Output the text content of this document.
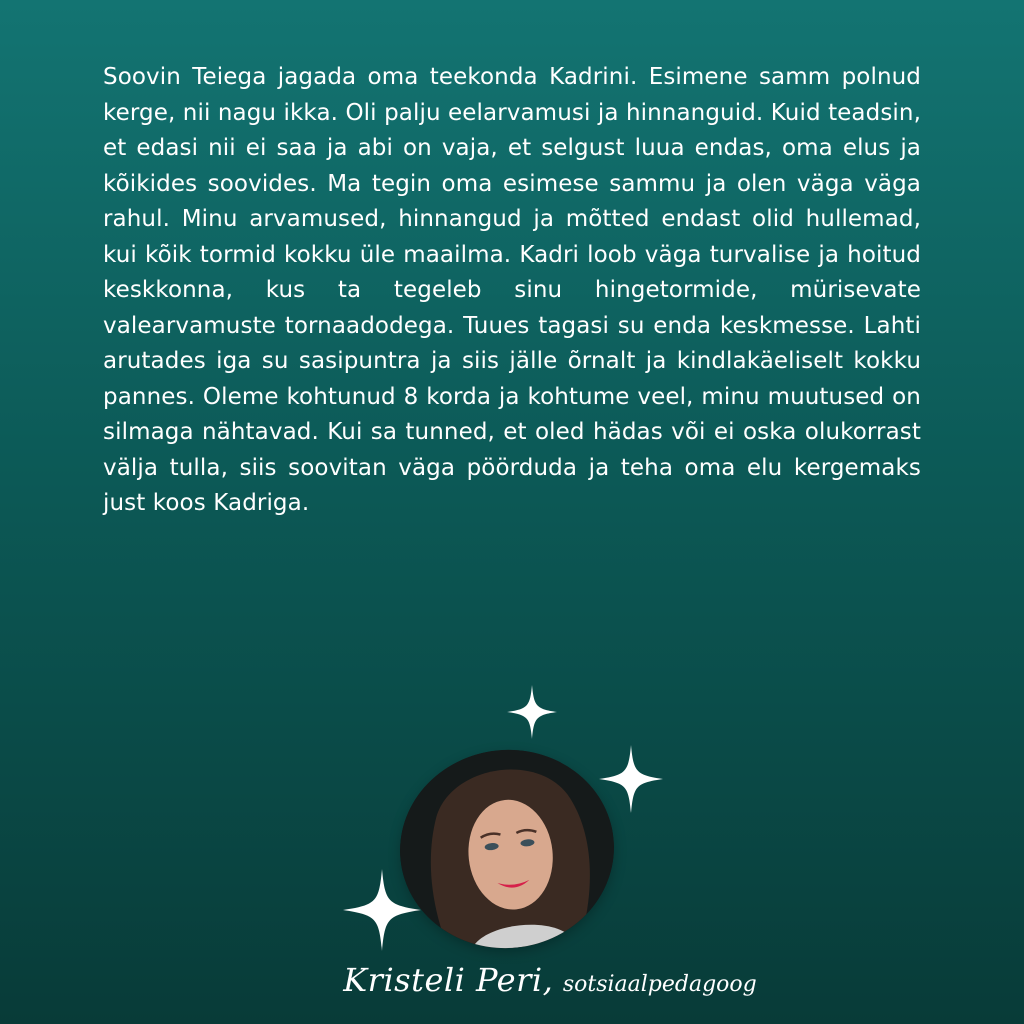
Soovin Teiega jagada oma teekonda Kadrini. Esimene samm polnud kerge, nii nagu ikka. Oli palju eelarvamusi ja hinnanguid. Kuid teadsin, et edasi nii ei saa ja abi on vaja, et selgust luua endas, oma elus ja kõikides soovides. Ma tegin oma esimese sammu ja olen väga väga rahul. Minu arvamused, hinnangud ja mõtted endast olid hullemad, kui kõik tormid kokku üle maailma. Kadri loob väga turvalise ja hoitud keskkonna, kus ta tegeleb sinu hingetormide, mürisevate valearvamuste tornaadodega. Tuues tagasi su enda keskmesse. Lahti arutades iga su sasipuntra ja siis jälle õrnalt ja kindlakäeliselt kokku pannes. Oleme kohtunud 8 korda ja kohtume veel, minu muutused on silmaga nähtavad. Kui sa tunned, et oled hädas või ei oska olukorrast välja tulla, siis soovitan väga pöörduda ja teha oma elu kergemaks just koos Kadriga.

Kristeli Peri, sotsiaalpedagoog
